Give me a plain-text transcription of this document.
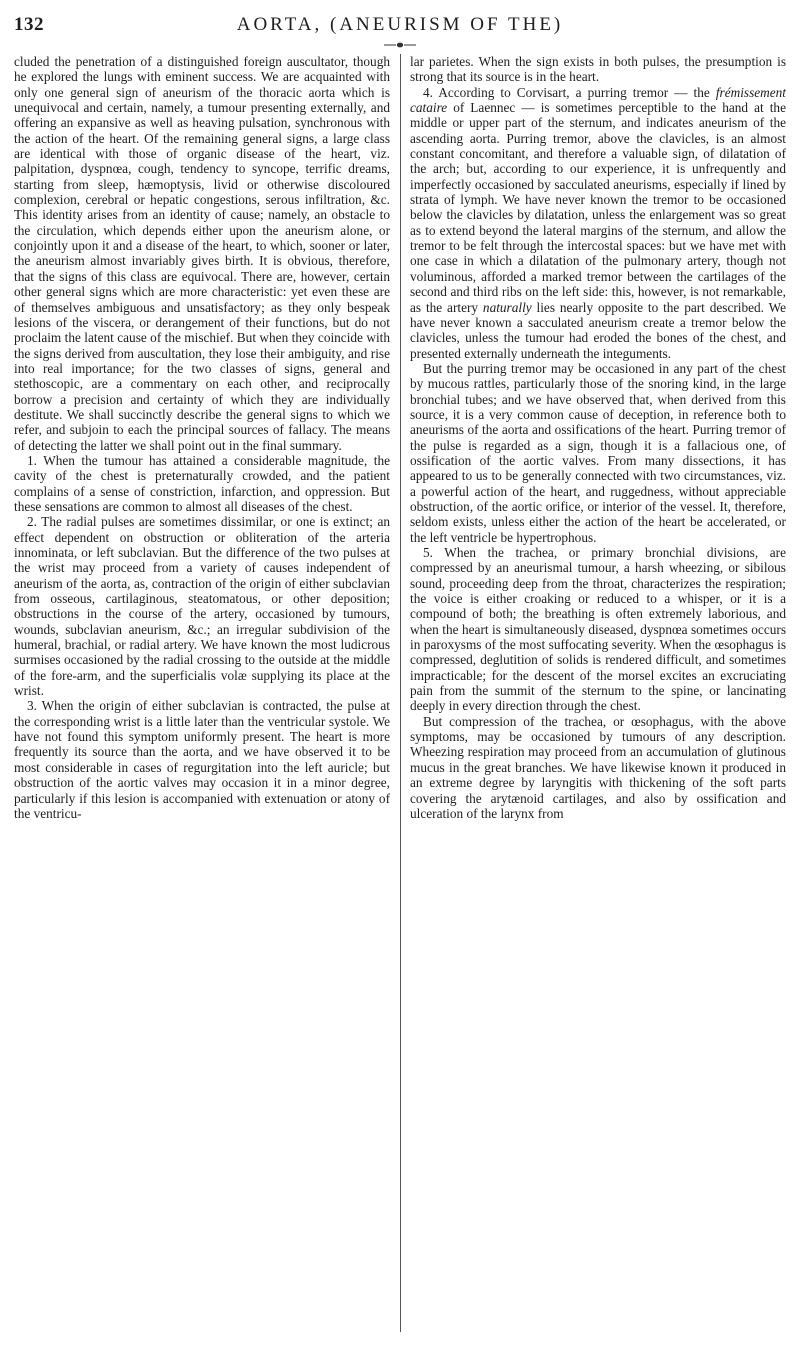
132	AORTA, (ANEURISM OF THE)

cluded the penetration of a distinguished foreign auscultator, though he explored the lungs with eminent success. We are acquainted with only one general sign of aneurism of the thoracic aorta which is unequivocal and certain, namely, a tumour presenting externally, and offering an expansive as well as heaving pulsation, synchronous with the action of the heart. Of the remaining general signs, a large class are identical with those of organic disease of the heart, viz. palpitation, dyspnœa, cough, tendency to syncope, terrific dreams, starting from sleep, hæmoptysis, livid or otherwise discoloured complexion, cerebral or hepatic congestions, serous infiltration, &c. This identity arises from an identity of cause; namely, an obstacle to the circulation, which depends either upon the aneurism alone, or conjointly upon it and a disease of the heart, to which, sooner or later, the aneurism almost invariably gives birth. It is obvious, therefore, that the signs of this class are equivocal. There are, however, certain other general signs which are more characteristic: yet even these are of themselves ambiguous and unsatisfactory; as they only bespeak lesions of the viscera, or derangement of their functions, but do not proclaim the latent cause of the mischief. But when they coincide with the signs derived from auscultation, they lose their ambiguity, and rise into real importance; for the two classes of signs, general and stethoscopic, are a commentary on each other, and reciprocally borrow a precision and certainty of which they are individually destitute. We shall succinctly describe the general signs to which we refer, and subjoin to each the principal sources of fallacy. The means of detecting the latter we shall point out in the final summary.

1. When the tumour has attained a considerable magnitude, the cavity of the chest is preternaturally crowded, and the patient complains of a sense of constriction, infarction, and oppression. But these sensations are common to almost all diseases of the chest.

2. The radial pulses are sometimes dissimilar, or one is extinct; an effect dependent on obstruction or obliteration of the arteria innominata, or left subclavian. But the difference of the two pulses at the wrist may proceed from a variety of causes independent of aneurism of the aorta, as, contraction of the origin of either subclavian from osseous, cartilaginous, steatomatous, or other deposition; obstructions in the course of the artery, occasioned by tumours, wounds, subclavian aneurism, &c.; an irregular subdivision of the humeral, brachial, or radial artery. We have known the most ludicrous surmises occasioned by the radial crossing to the outside at the middle of the fore-arm, and the superficialis volæ supplying its place at the wrist.

3. When the origin of either subclavian is contracted, the pulse at the corresponding wrist is a little later than the ventricular systole. We have not found this symptom uniformly present. The heart is more frequently its source than the aorta, and we have observed it to be most considerable in cases of regurgitation into the left auricle; but obstruction of the aortic valves may occasion it in a minor degree, particularly if this lesion is accompanied with extenuation or atony of the ventricu-

lar parietes. When the sign exists in both pulses, the presumption is strong that its source is in the heart.

4. According to Corvisart, a purring tremor — the frémissement cataire of Laennec — is sometimes perceptible to the hand at the middle or upper part of the sternum, and indicates aneurism of the ascending aorta. Purring tremor, above the clavicles, is an almost constant concomitant, and therefore a valuable sign, of dilatation of the arch; but, according to our experience, it is unfrequently and imperfectly occasioned by sacculated aneurisms, especially if lined by strata of lymph. We have never known the tremor to be occasioned below the clavicles by dilatation, unless the enlargement was so great as to extend beyond the lateral margins of the sternum, and allow the tremor to be felt through the intercostal spaces: but we have met with one case in which a dilatation of the pulmonary artery, though not voluminous, afforded a marked tremor between the cartilages of the second and third ribs on the left side: this, however, is not remarkable, as the artery naturally lies nearly opposite to the part described. We have never known a sacculated aneurism create a tremor below the clavicles, unless the tumour had eroded the bones of the chest, and presented externally underneath the integuments.

But the purring tremor may be occasioned in any part of the chest by mucous rattles, particularly those of the snoring kind, in the large bronchial tubes; and we have observed that, when derived from this source, it is a very common cause of deception, in reference both to aneurisms of the aorta and ossifications of the heart. Purring tremor of the pulse is regarded as a sign, though it is a fallacious one, of ossification of the aortic valves. From many dissections, it has appeared to us to be generally connected with two circumstances, viz. a powerful action of the heart, and ruggedness, without appreciable obstruction, of the aortic orifice, or interior of the vessel. It, therefore, seldom exists, unless either the action of the heart be accelerated, or the left ventricle be hypertrophous.

5. When the trachea, or primary bronchial divisions, are compressed by an aneurismal tumour, a harsh wheezing, or sibilous sound, proceeding deep from the throat, characterizes the respiration; the voice is either croaking or reduced to a whisper, or it is a compound of both; the breathing is often extremely laborious, and when the heart is simultaneously diseased, dyspnœa sometimes occurs in paroxysms of the most suffocating severity. When the œsophagus is compressed, deglutition of solids is rendered difficult, and sometimes impracticable; for the descent of the morsel excites an excruciating pain from the summit of the sternum to the spine, or lancinating deeply in every direction through the chest.

But compression of the trachea, or œsophagus, with the above symptoms, may be occasioned by tumours of any description. Wheezing respiration may proceed from an accumulation of glutinous mucus in the great branches. We have likewise known it produced in an extreme degree by laryngitis with thickening of the soft parts covering the arytænoid cartilages, and also by ossification and ulceration of the larynx from
